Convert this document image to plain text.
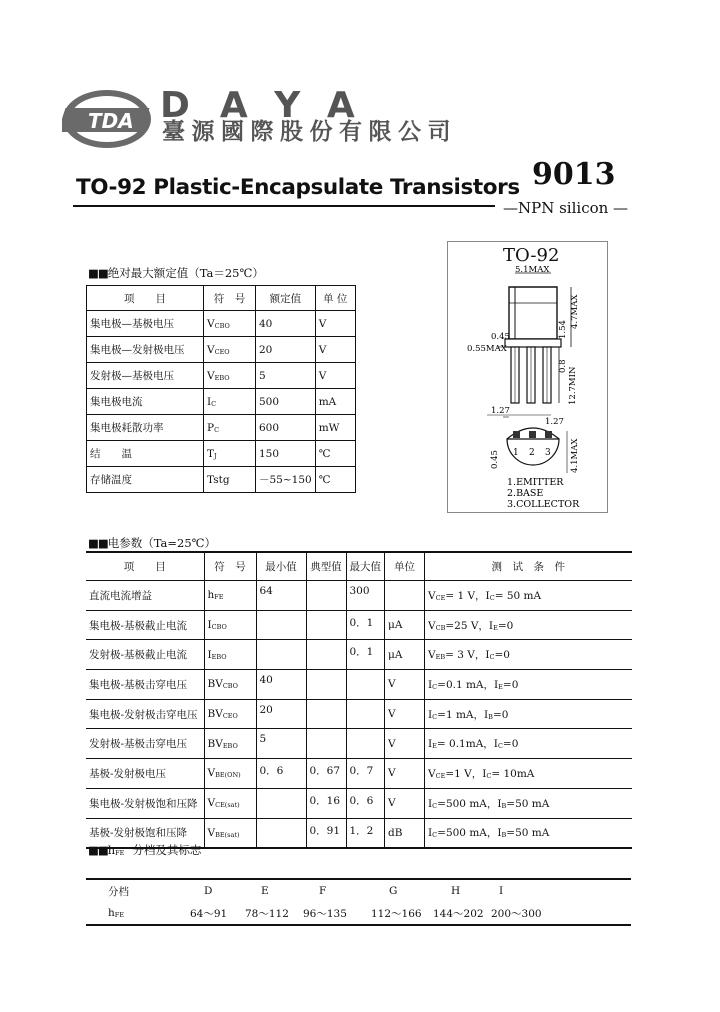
TDA DAYA
臺源國際股份有限公司
TO-92 Plastic-Encapsulate Transistors 9013
—NPN silicon —
■■绝对最大额定值（Ta＝25℃）
项　　目	符　号	额定值	单 位
集电极—基极电压	$V_{CBO}$	40	V
集电极—发射极电压	$V_{CEO}$	20	V
发射极—基极电压	$V_{EBO}$	5	V
集电极电流	$I_C$	500	mA
集电极耗散功率	$P_C$	600	mW
结　　温	$T_J$	150	℃
存储温度	Tstg	－55~150	℃
TO-92
5.1MAX
4.7MAX
1.54
12.7MIN
0.8
0.45
0.55MAX
1.27
1.27
1 2 3
0.45	4.1MAX
1.EMITTER
2.BASE
3.COLLECTOR
■■电参数（Ta=25℃）
项　　目	符　号	最小值	典型值	最大值	单位	测　试　条　件
直流电流增益	$h_{FE}$	64		300		$V_{CE}= 1$ V，$I_C= 50$ mA
集电极-基极截止电流	$I_{CBO}$			0．1	μA	$V_{CB}=25$ V，$I_E=0$
发射极-基极截止电流	$I_{EBO}$			0．1	μA	$V_{EB}= 3$ V，$I_C=0$
集电极-基极击穿电压	$BV_{CBO}$	40			V	$I_C=0.1$ mA，$I_E=0$
集电极-发射极击穿电压	$BV_{CEO}$	20			V	$I_C=1$ mA，$I_B=0$
发射极-基极击穿电压	$BV_{EBO}$	5			V	$I_E= 0.1mA$，$I_C=0$
基极-发射极电压	$V_{BE(ON)}$	0．6	0．67	0．7	V	$V_{CE}=1$ V，$I_C= 10mA$
集电极-发射极饱和压降	$V_{CE(sat)}$		0．16	0．6	V	$I_C=500$ mA，$I_B=50$ mA
基极-发射极饱和压降	$V_{BE(sat)}$		0．91	1．2	dB	$I_C=500$ mA，$I_B=50$ mA
$■■h_{FE}$ 分档及其标志
分档	D	E	F	G	H	I	
$h_{FE}$	64～91	78～112	96～135	112～166	144～202	200～300	
